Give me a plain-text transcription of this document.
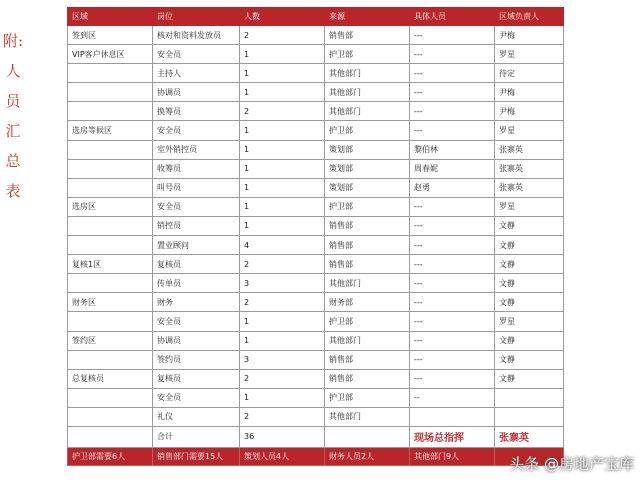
附:
人
员
汇
总
表
区域	岗位	人数	来源	具体人员	区域负责人
签到区	核对和资料发放员	2	销售部	---	尹梅
VIP客户休息区	安全员	1	护卫部	---	罗星
	主持人	1	其他部门	---	待定
	协调员	1	其他部门	---	尹梅
	换筹员	2	其他部门	---	尹梅
选房等候区	安全员	1	护卫部	---	罗星
	室外销控员	1	策划部	黎伯林	张寨英
	收筹员	1	策划部	周春妮	张寨英
	叫号员	1	策划部	赵勇	张寨英
选房区	安全员	1	护卫部	---	罗星
	销控员	1	销售部	---	文静
	置业顾问	4	销售部	---	文静
复核1区	复核员	2	销售部	---	文静
	传单员	3	其他部门	---	文静
财务区	财务	2	财务部	---	文静
	安全员	1	护卫部	---	罗星
签约区	协调员	1	其他部门	---	文静
	签约员	3	销售部	---	文静
总复核员	复核员	2	销售部	---	文静
	安全员	1	护卫部	--	
	礼仪	2	其他部门		
	合计	36		现场总指挥	张寨英
护卫部需要6人	销售部门需要15人	策划人员4人	财务人员2人	其他部门9人		头条 @房地产宝库
